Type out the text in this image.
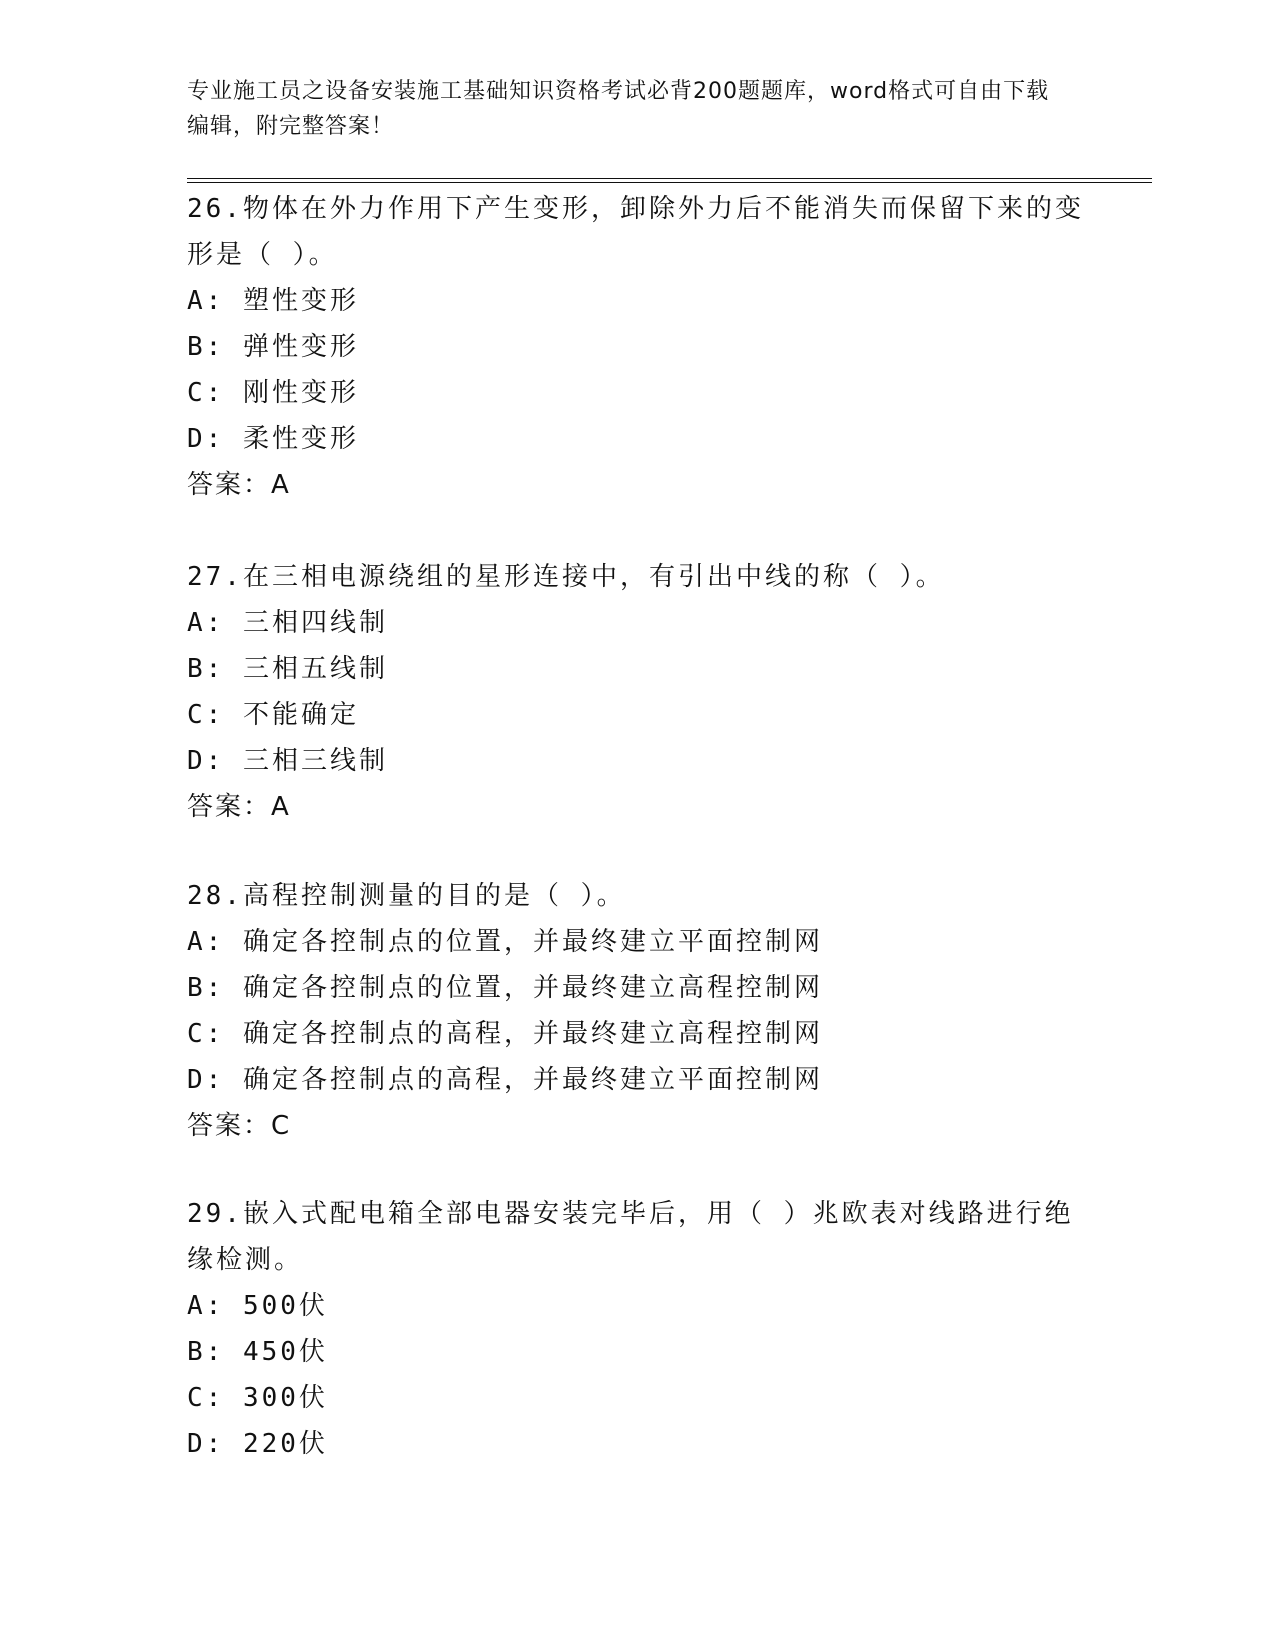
专业施工员之设备安装施工基础知识资格考试必背200题题库，word格式可自由下载编辑，附完整答案！

26.物体在外力作用下产生变形，卸除外力后不能消失而保留下来的变形是（ ）。

A: 塑性变形

B: 弹性变形

C: 刚性变形

D: 柔性变形

答案：A

27.在三相电源绕组的星形连接中，有引出中线的称（ ）。

A: 三相四线制

B: 三相五线制

C: 不能确定

D: 三相三线制

答案：A

28.高程控制测量的目的是（ ）。

A: 确定各控制点的位置，并最终建立平面控制网

B: 确定各控制点的位置，并最终建立高程控制网

C: 确定各控制点的高程，并最终建立高程控制网

D: 确定各控制点的高程，并最终建立平面控制网

答案：C

29.嵌入式配电箱全部电器安装完毕后，用（ ）兆欧表对线路进行绝缘检测。

A: 500伏

B: 450伏

C: 300伏

D: 220伏
